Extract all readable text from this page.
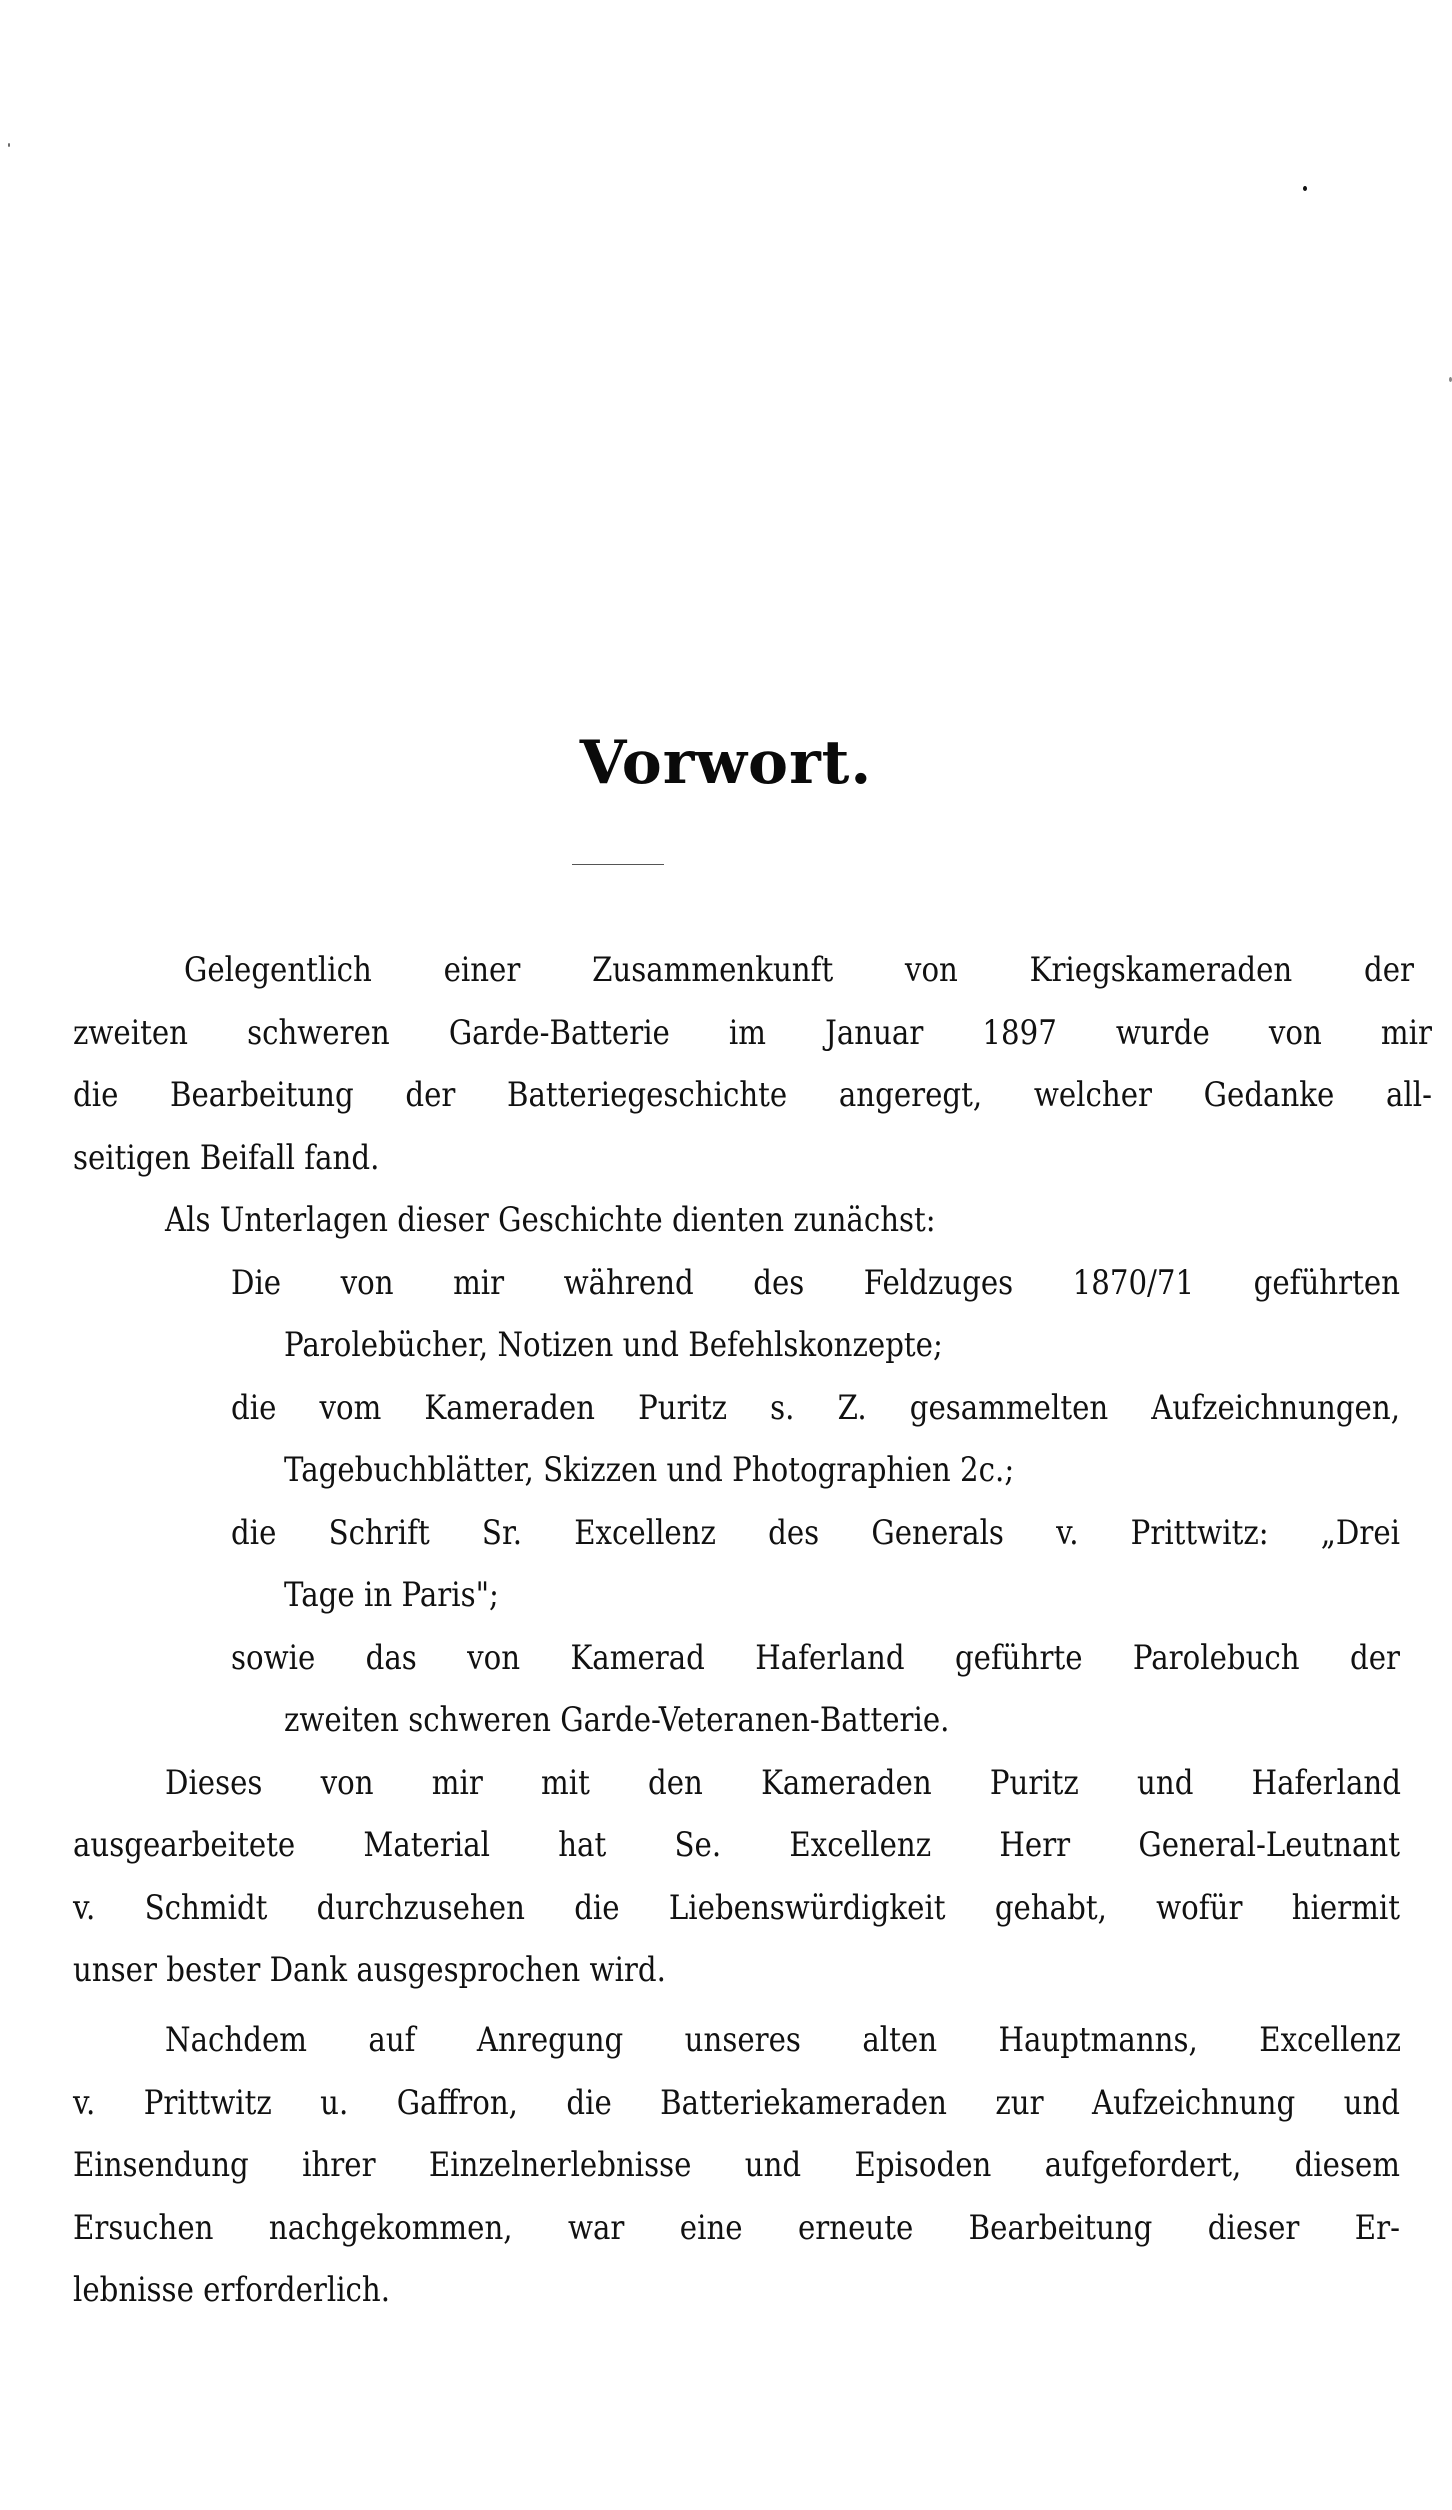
Vorwort.
Gelegentlich einer Zusammenkunft von Kriegskameraden der
zweiten schweren Garde-Batterie im Januar 1897 wurde von mir
die Bearbeitung der Batteriegeschichte angeregt, welcher Gedanke all-
seitigen Beifall fand.
Als Unterlagen dieser Geschichte dienten zunächst:
Die von mir während des Feldzuges 1870/71 geführten
Parolebücher, Notizen und Befehlskonzepte;
die vom Kameraden Puritz s. Z. gesammelten Aufzeichnungen,
Tagebuchblätter, Skizzen und Photographien 2c.;
die Schrift Sr. Excellenz des Generals v. Prittwitz: „Drei
Tage in Paris";
sowie das von Kamerad Haferland geführte Parolebuch der
zweiten schweren Garde-Veteranen-Batterie.
Dieses von mir mit den Kameraden Puritz und Haferland
ausgearbeitete Material hat Se. Excellenz Herr General-Leutnant
v. Schmidt durchzusehen die Liebenswürdigkeit gehabt, wofür hiermit
unser bester Dank ausgesprochen wird.
Nachdem auf Anregung unseres alten Hauptmanns, Excellenz
v. Prittwitz u. Gaffron, die Batteriekameraden zur Aufzeichnung und
Einsendung ihrer Einzelnerlebnisse und Episoden aufgefordert, diesem
Ersuchen nachgekommen, war eine erneute Bearbeitung dieser Er-
lebnisse erforderlich.
